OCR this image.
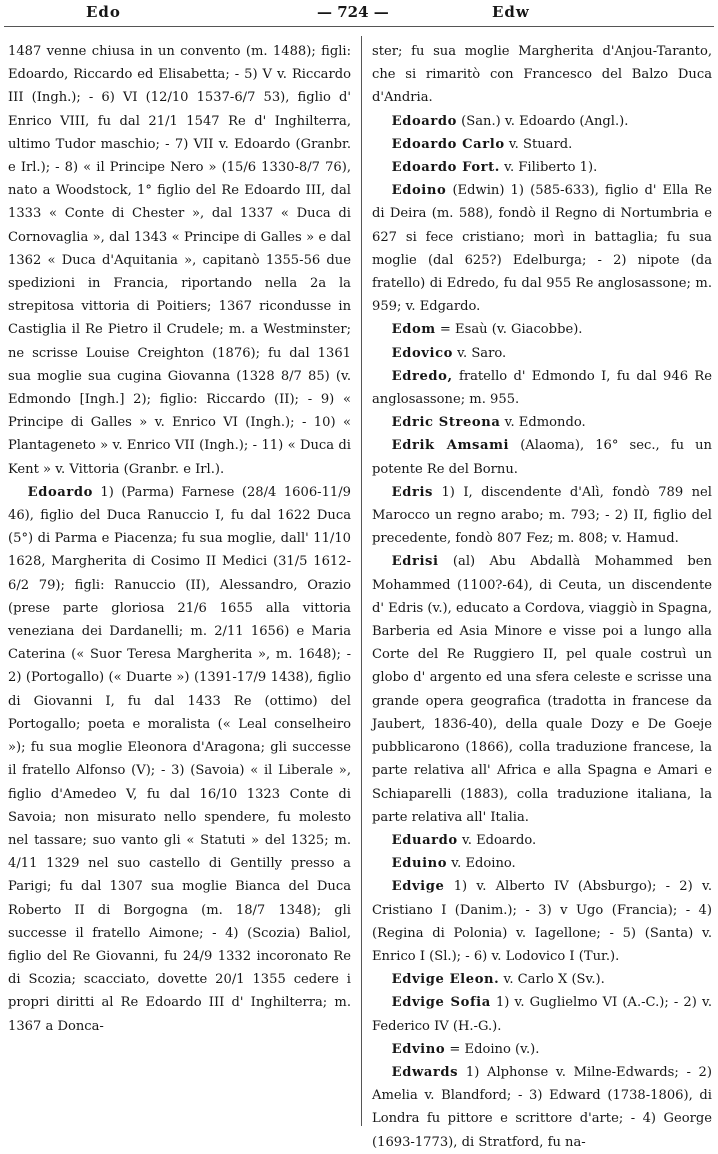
Edo	— 724 —	Edw

1487 venne chiusa in un convento (m. 1488); figli: Edoardo, Riccardo ed Elisabetta; - 5) V v. Riccardo III (Ingh.); - 6) VI (12/10 1537-6/7 53), figlio d' Enrico VIII, fu dal 21/1 1547 Re d' Inghilterra, ultimo Tudor maschio; - 7) VII v. Edoardo (Granbr. e Irl.); - 8) « il Principe Nero » (15/6 1330-8/7 76), nato a Woodstock, 1° figlio del Re Edoardo III, dal 1333 « Conte di Chester », dal 1337 « Duca di Cornovaglia », dal 1343 « Principe di Galles » e dal 1362 « Duca d'Aquitania », capitanò 1355-56 due spedizioni in Francia, riportando nella 2a la strepitosa vittoria di Poitiers; 1367 ricondusse in Castiglia il Re Pietro il Crudele; m. a Westminster; ne scrisse Louise Creighton (1876); fu dal 1361 sua moglie sua cugina Giovanna (1328 8/7 85) (v. Edmondo [Ingh.] 2); figlio: Riccardo (II); - 9) « Principe di Galles » v. Enrico VI (Ingh.); - 10) « Plantageneto » v. Enrico VII (Ingh.); - 11) « Duca di Kent » v. Vittoria (Granbr. e Irl.).

Edoardo 1) (Parma) Farnese (28/4 1606-11/9 46), figlio del Duca Ranuccio I, fu dal 1622 Duca (5°) di Parma e Piacenza; fu sua moglie, dall' 11/10 1628, Margherita di Cosimo II Medici (31/5 1612-6/2 79); figli: Ranuccio (II), Alessandro, Orazio (prese parte gloriosa 21/6 1655 alla vittoria veneziana dei Dardanelli; m. 2/11 1656) e Maria Caterina (« Suor Teresa Margherita », m. 1648); - 2) (Portogallo) (« Duarte ») (1391-17/9 1438), figlio di Giovanni I, fu dal 1433 Re (ottimo) del Portogallo; poeta e moralista (« Leal conselheiro »); fu sua moglie Eleonora d'Aragona; gli successe il fratello Alfonso (V); - 3) (Savoia) « il Liberale », figlio d'Amedeo V, fu dal 16/10 1323 Conte di Savoia; non misurato nello spendere, fu molesto nel tassare; suo vanto gli « Statuti » del 1325; m. 4/11 1329 nel suo castello di Gentilly presso a Parigi; fu dal 1307 sua moglie Bianca del Duca Roberto II di Borgogna (m. 18/7 1348); gli successe il fratello Aimone; - 4) (Scozia) Baliol, figlio del Re Giovanni, fu 24/9 1332 incoronato Re di Scozia; scacciato, dovette 20/1 1355 cedere i propri diritti al Re Edoardo III d' Inghilterra; m. 1367 a Donca-

ster; fu sua moglie Margherita d'Anjou-Taranto, che si rimaritò con Francesco del Balzo Duca d'Andria.

Edoardo (San.) v. Edoardo (Angl.).

Edoardo Carlo v. Stuard.

Edoardo Fort. v. Filiberto 1).

Edoino (Edwin) 1) (585-633), figlio d' Ella Re di Deira (m. 588), fondò il Regno di Nortumbria e 627 si fece cristiano; morì in battaglia; fu sua moglie (dal 625?) Edelburga; - 2) nipote (da fratello) di Edredo, fu dal 955 Re anglosassone; m. 959; v. Edgardo.

Edom = Esaù (v. Giacobbe).

Edovico v. Saro.

Edredo, fratello d' Edmondo I, fu dal 946 Re anglosassone; m. 955.

Edric Streona v. Edmondo.

Edrik Amsami (Alaoma), 16° sec., fu un potente Re del Bornu.

Edris 1) I, discendente d'Alì, fondò 789 nel Marocco un regno arabo; m. 793; - 2) II, figlio del precedente, fondò 807 Fez; m. 808; v. Hamud.

Edrisi (al) Abu Abdallà Mohammed ben Mohammed (1100?-64), di Ceuta, un discendente d' Edris (v.), educato a Cordova, viaggiò in Spagna, Barberia ed Asia Minore e visse poi a lungo alla Corte del Re Ruggiero II, pel quale costruì un globo d' argento ed una sfera celeste e scrisse una grande opera geografica (tradotta in francese da Jaubert, 1836-40), della quale Dozy e De Goeje pubblicarono (1866), colla traduzione francese, la parte relativa all' Africa e alla Spagna e Amari e Schiaparelli (1883), colla traduzione italiana, la parte relativa all' Italia.

Eduardo v. Edoardo.

Eduino v. Edoino.

Edvige 1) v. Alberto IV (Absburgo); - 2) v. Cristiano I (Danim.); - 3) v Ugo (Francia); - 4) (Regina di Polonia) v. Iagellone; - 5) (Santa) v. Enrico I (Sl.); - 6) v. Lodovico I (Tur.).

Edvige Eleon. v. Carlo X (Sv.).

Edvige Sofia 1) v. Guglielmo VI (A.-C.); - 2) v. Federico IV (H.-G.).

Edvino = Edoino (v.).

Edwards 1) Alphonse v. Milne-Edwards; - 2) Amelia v. Blandford; - 3) Edward (1738-1806), di Londra fu pittore e scrittore d'arte; - 4) George (1693-1773), di Stratford, fu na-
